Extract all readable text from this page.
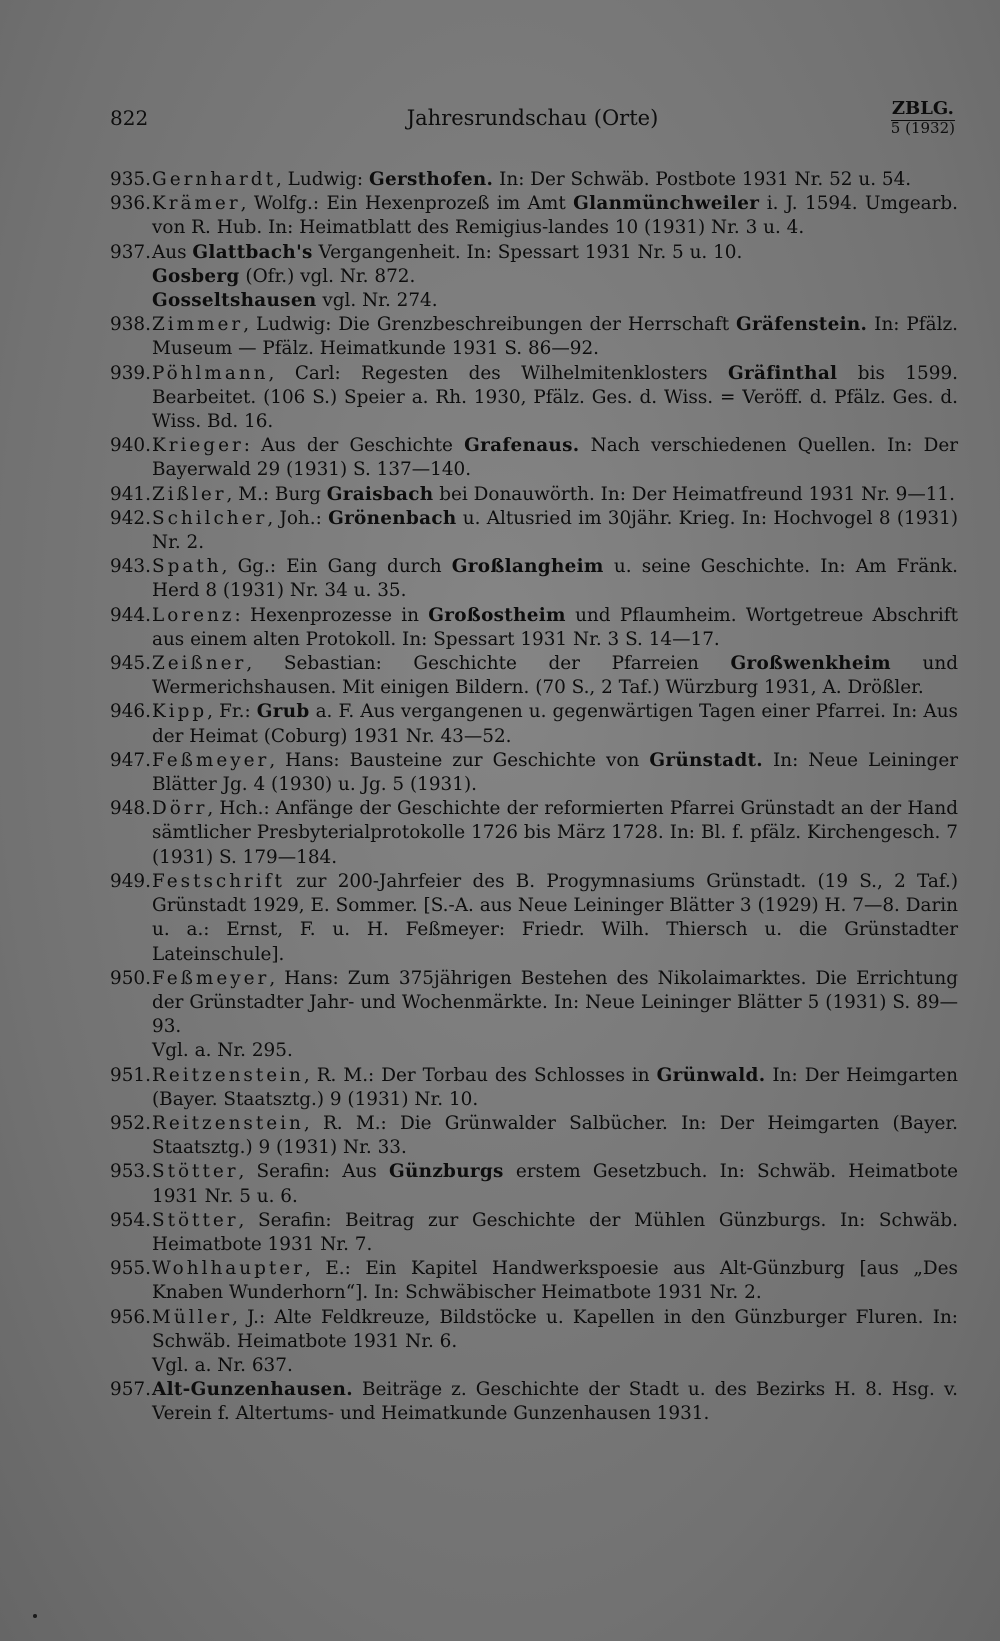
822	Jahresrundschau (Orte)	ZBLG.
5 (1932)
935. Gernhardt, Ludwig: Gersthofen. In: Der Schwäb. Postbote 1931 Nr. 52 u. 54.
936. Krämer, Wolfg.: Ein Hexenprozeß im Amt Glanmünchweiler i. J. 1594. Umgearb. von R. Hub. In: Heimatblatt des Remigius-landes 10 (1931) Nr. 3 u. 4.
937. Aus Glattbach's Vergangenheit. In: Spessart 1931 Nr. 5 u. 10.
Gosberg (Ofr.) vgl. Nr. 872.
Gosseltshausen vgl. Nr. 274.
938. Zimmer, Ludwig: Die Grenzbeschreibungen der Herrschaft Gräfenstein. In: Pfälz. Museum — Pfälz. Heimatkunde 1931 S. 86—92.
939. Pöhlmann, Carl: Regesten des Wilhelmitenklosters Gräfinthal bis 1599. Bearbeitet. (106 S.) Speier a. Rh. 1930, Pfälz. Ges. d. Wiss. = Veröff. d. Pfälz. Ges. d. Wiss. Bd. 16.
940. Krieger: Aus der Geschichte Grafenaus. Nach verschiedenen Quellen. In: Der Bayerwald 29 (1931) S. 137—140.
941. Zißler, M.: Burg Graisbach bei Donauwörth. In: Der Heimatfreund 1931 Nr. 9—11.
942. Schilcher, Joh.: Grönenbach u. Altusried im 30jähr. Krieg. In: Hochvogel 8 (1931) Nr. 2.
943. Spath, Gg.: Ein Gang durch Großlangheim u. seine Geschichte. In: Am Fränk. Herd 8 (1931) Nr. 34 u. 35.
944. Lorenz: Hexenprozesse in Großostheim und Pflaumheim. Wortgetreue Abschrift aus einem alten Protokoll. In: Spessart 1931 Nr. 3 S. 14—17.
945. Zeißner, Sebastian: Geschichte der Pfarreien Großwenkheim und Wermerichshausen. Mit einigen Bildern. (70 S., 2 Taf.) Würzburg 1931, A. Drößler.
946. Kipp, Fr.: Grub a. F. Aus vergangenen u. gegenwärtigen Tagen einer Pfarrei. In: Aus der Heimat (Coburg) 1931 Nr. 43—52.
947. Feßmeyer, Hans: Bausteine zur Geschichte von Grünstadt. In: Neue Leininger Blätter Jg. 4 (1930) u. Jg. 5 (1931).
948. Dörr, Hch.: Anfänge der Geschichte der reformierten Pfarrei Grünstadt an der Hand sämtlicher Presbyterialprotokolle 1726 bis März 1728. In: Bl. f. pfälz. Kirchengesch. 7 (1931) S. 179—184.
949. Festschrift zur 200-Jahrfeier des B. Progymnasiums Grünstadt. (19 S., 2 Taf.) Grünstadt 1929, E. Sommer. [S.-A. aus Neue Leininger Blätter 3 (1929) H. 7—8. Darin u. a.: Ernst, F. u. H. Feßmeyer: Friedr. Wilh. Thiersch u. die Grünstadter Lateinschule].
950. Feßmeyer, Hans: Zum 375jährigen Bestehen des Nikolaimarktes. Die Errichtung der Grünstadter Jahr- und Wochenmärkte. In: Neue Leininger Blätter 5 (1931) S. 89—93.
Vgl. a. Nr. 295.
951. Reitzenstein, R. M.: Der Torbau des Schlosses in Grünwald. In: Der Heimgarten (Bayer. Staatsztg.) 9 (1931) Nr. 10.
952. Reitzenstein, R. M.: Die Grünwalder Salbücher. In: Der Heimgarten (Bayer. Staatsztg.) 9 (1931) Nr. 33.
953. Stötter, Serafin: Aus Günzburgs erstem Gesetzbuch. In: Schwäb. Heimatbote 1931 Nr. 5 u. 6.
954. Stötter, Serafin: Beitrag zur Geschichte der Mühlen Günzburgs. In: Schwäb. Heimatbote 1931 Nr. 7.
955. Wohlhaupter, E.: Ein Kapitel Handwerkspoesie aus Alt-Günzburg [aus „Des Knaben Wunderhorn“]. In: Schwäbischer Heimatbote 1931 Nr. 2.
956. Müller, J.: Alte Feldkreuze, Bildstöcke u. Kapellen in den Günzburger Fluren. In: Schwäb. Heimatbote 1931 Nr. 6.
Vgl. a. Nr. 637.
957. Alt-Gunzenhausen. Beiträge z. Geschichte der Stadt u. des Bezirks H. 8. Hsg. v. Verein f. Altertums- und Heimatkunde Gunzenhausen 1931.
